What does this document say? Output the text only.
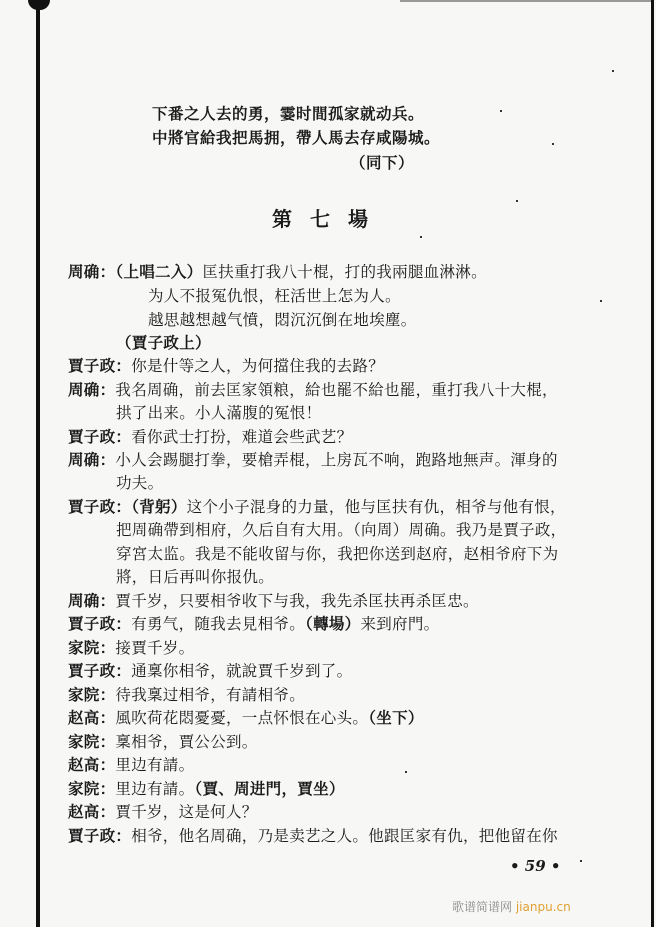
下番之人去的勇，霎时間孤家就动兵。
中將官給我把馬拥，帶人馬去存咸陽城。
（同下）
第七場
周确：（上唱二入）匡扶重打我八十棍，打的我兩腿血淋淋。
为人不报冤仇恨，枉活世上怎为人。
越思越想越气憤，悶沉沉倒在地埃塵。
（賈子政上）
賈子政：你是什等之人，为何擋住我的去路？
周确：我名周确，前去匡家領粮，給也罷不給也罷，重打我八十大棍，
拱了出来。小人滿腹的冤恨！
賈子政：看你武士打扮，难道会些武艺？
周确：小人会踢腿打拳，要槍弄棍，上房瓦不响，跑路地無声。渾身的
功夫。
賈子政：（背躬）这个小子混身的力量，他与匡扶有仇，相爷与他有恨，
把周确帶到相府，久后自有大用。（向周）周确。我乃是賈子政，
穿宮太监。我是不能收留与你，我把你送到赵府，赵相爷府下为
將，日后再叫你报仇。
周确：賈千岁，只要相爷收下与我，我先杀匡扶再杀匡忠。
賈子政：有勇气，随我去見相爷。（轉場）来到府門。
家院：接賈千岁。
賈子政：通稟你相爷，就說賈千岁到了。
家院：待我稟过相爷，有請相爷。
赵高：風吹荷花悶憂憂，一点怀恨在心头。（坐下）
家院：稟相爷，賈公公到。
赵高：里边有請。
家院：里边有請。（賈、周进門，賈坐）
赵高：賈千岁，这是何人？
賈子政：相爷，他名周确，乃是卖艺之人。他跟匡家有仇，把他留在你
• 59 •
歌谱简谱网 jianpu.cn
